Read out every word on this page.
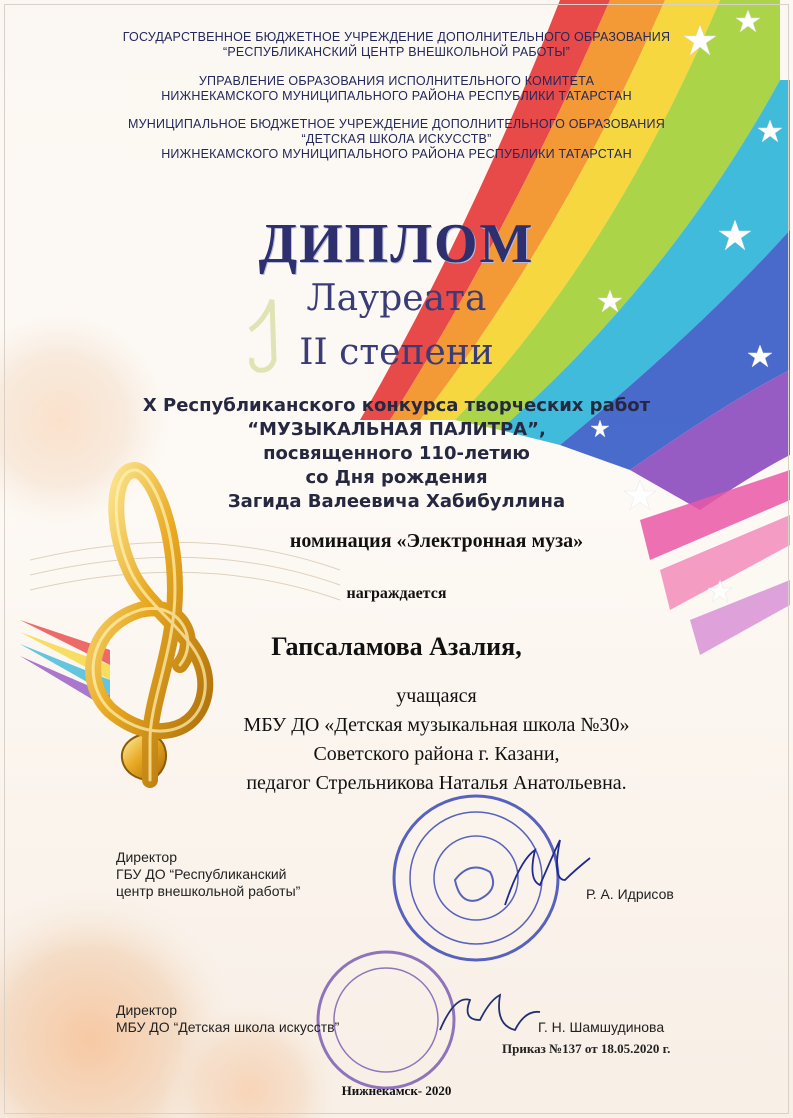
ГОСУДАРСТВЕННОЕ БЮДЖЕТНОЕ УЧРЕЖДЕНИЕ ДОПОЛНИТЕЛЬНОГО ОБРАЗОВАНИЯ
“РЕСПУБЛИКАНСКИЙ ЦЕНТР ВНЕШКОЛЬНОЙ РАБОТЫ”
УПРАВЛЕНИЕ ОБРАЗОВАНИЯ ИСПОЛНИТЕЛЬНОГО КОМИТЕТА
НИЖНЕКАМСКОГО МУНИЦИПАЛЬНОГО РАЙОНА РЕСПУБЛИКИ ТАТАРСТАН
МУНИЦИПАЛЬНОЕ БЮДЖЕТНОЕ УЧРЕЖДЕНИЕ ДОПОЛНИТЕЛЬНОГО ОБРАЗОВАНИЯ
“ДЕТСКАЯ ШКОЛА ИСКУССТВ”
НИЖНЕКАМСКОГО МУНИЦИПАЛЬНОГО РАЙОНА РЕСПУБЛИКИ ТАТАРСТАН
ДИПЛОМ
Лауреата
II степени
X Республиканского конкурса творческих работ
“МУЗЫКАЛЬНАЯ ПАЛИТРА”,
посвященного 110-летию
со Дня рождения
Загида Валеевича Хабибуллина
номинация «Электронная муза»
награждается
Гапсаламова Азалия,
учащаяся
МБУ ДО «Детская музыкальная школа №30»
Советского района г. Казани,
педагог Стрельникова Наталья Анатольевна.
Директор
ГБУ ДО “Республиканский
центр внешкольной работы”	Р. А. Идрисов
Директор
МБУ ДО “Детская школа искусств”	Г. Н. Шамшудинова
Приказ №137 от 18.05.2020 г.
Нижнекамск- 2020
